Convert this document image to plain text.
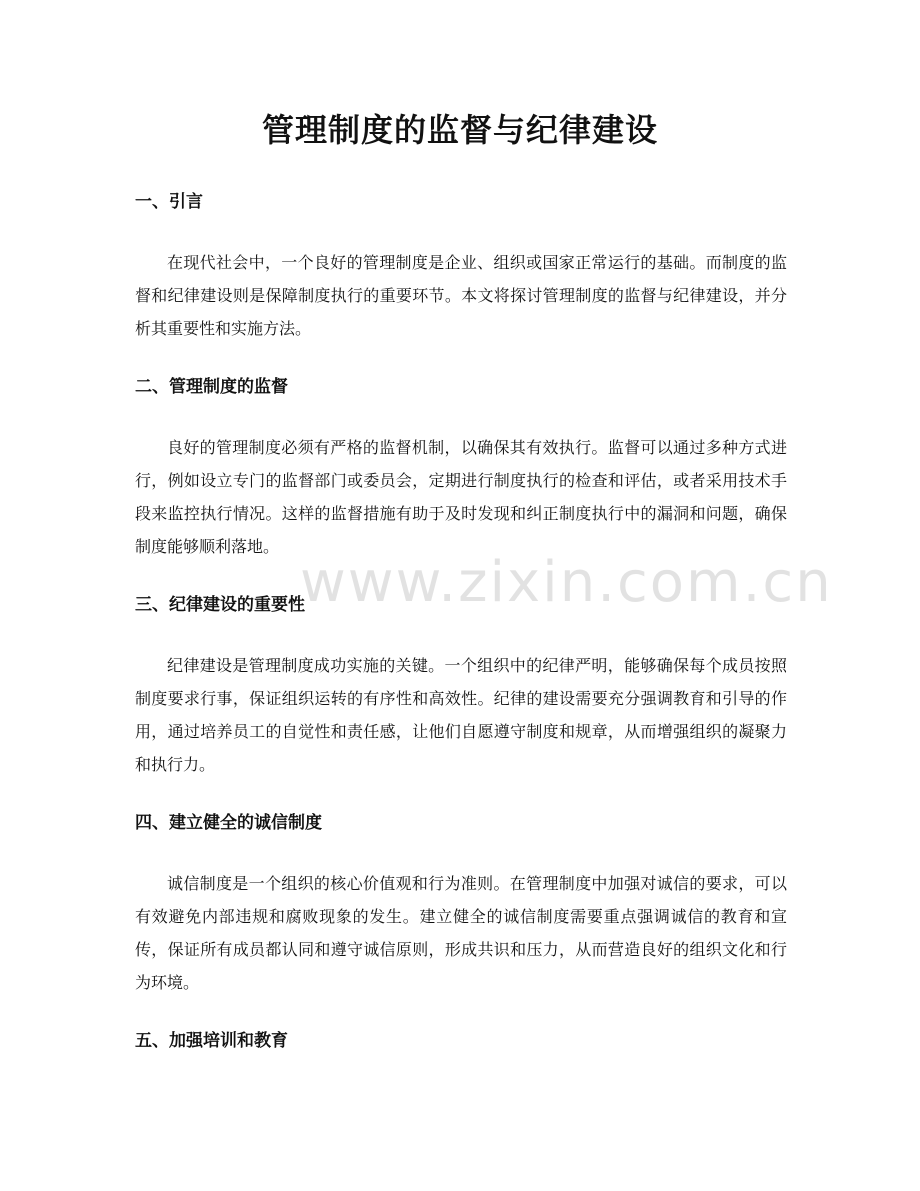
管理制度的监督与纪律建设
一、引言

在现代社会中，一个良好的管理制度是企业、组织或国家正常运行的基础。而制度的监督和纪律建设则是保障制度执行的重要环节。本文将探讨管理制度的监督与纪律建设，并分析其重要性和实施方法。

二、管理制度的监督

良好的管理制度必须有严格的监督机制，以确保其有效执行。监督可以通过多种方式进行，例如设立专门的监督部门或委员会，定期进行制度执行的检查和评估，或者采用技术手段来监控执行情况。这样的监督措施有助于及时发现和纠正制度执行中的漏洞和问题，确保制度能够顺利落地。

三、纪律建设的重要性

纪律建设是管理制度成功实施的关键。一个组织中的纪律严明，能够确保每个成员按照制度要求行事，保证组织运转的有序性和高效性。纪律的建设需要充分强调教育和引导的作用，通过培养员工的自觉性和责任感，让他们自愿遵守制度和规章，从而增强组织的凝聚力和执行力。

四、建立健全的诚信制度

诚信制度是一个组织的核心价值观和行为准则。在管理制度中加强对诚信的要求，可以有效避免内部违规和腐败现象的发生。建立健全的诚信制度需要重点强调诚信的教育和宣传，保证所有成员都认同和遵守诚信原则，形成共识和压力，从而营造良好的组织文化和行为环境。

五、加强培训和教育
www.zixin.com.cn
